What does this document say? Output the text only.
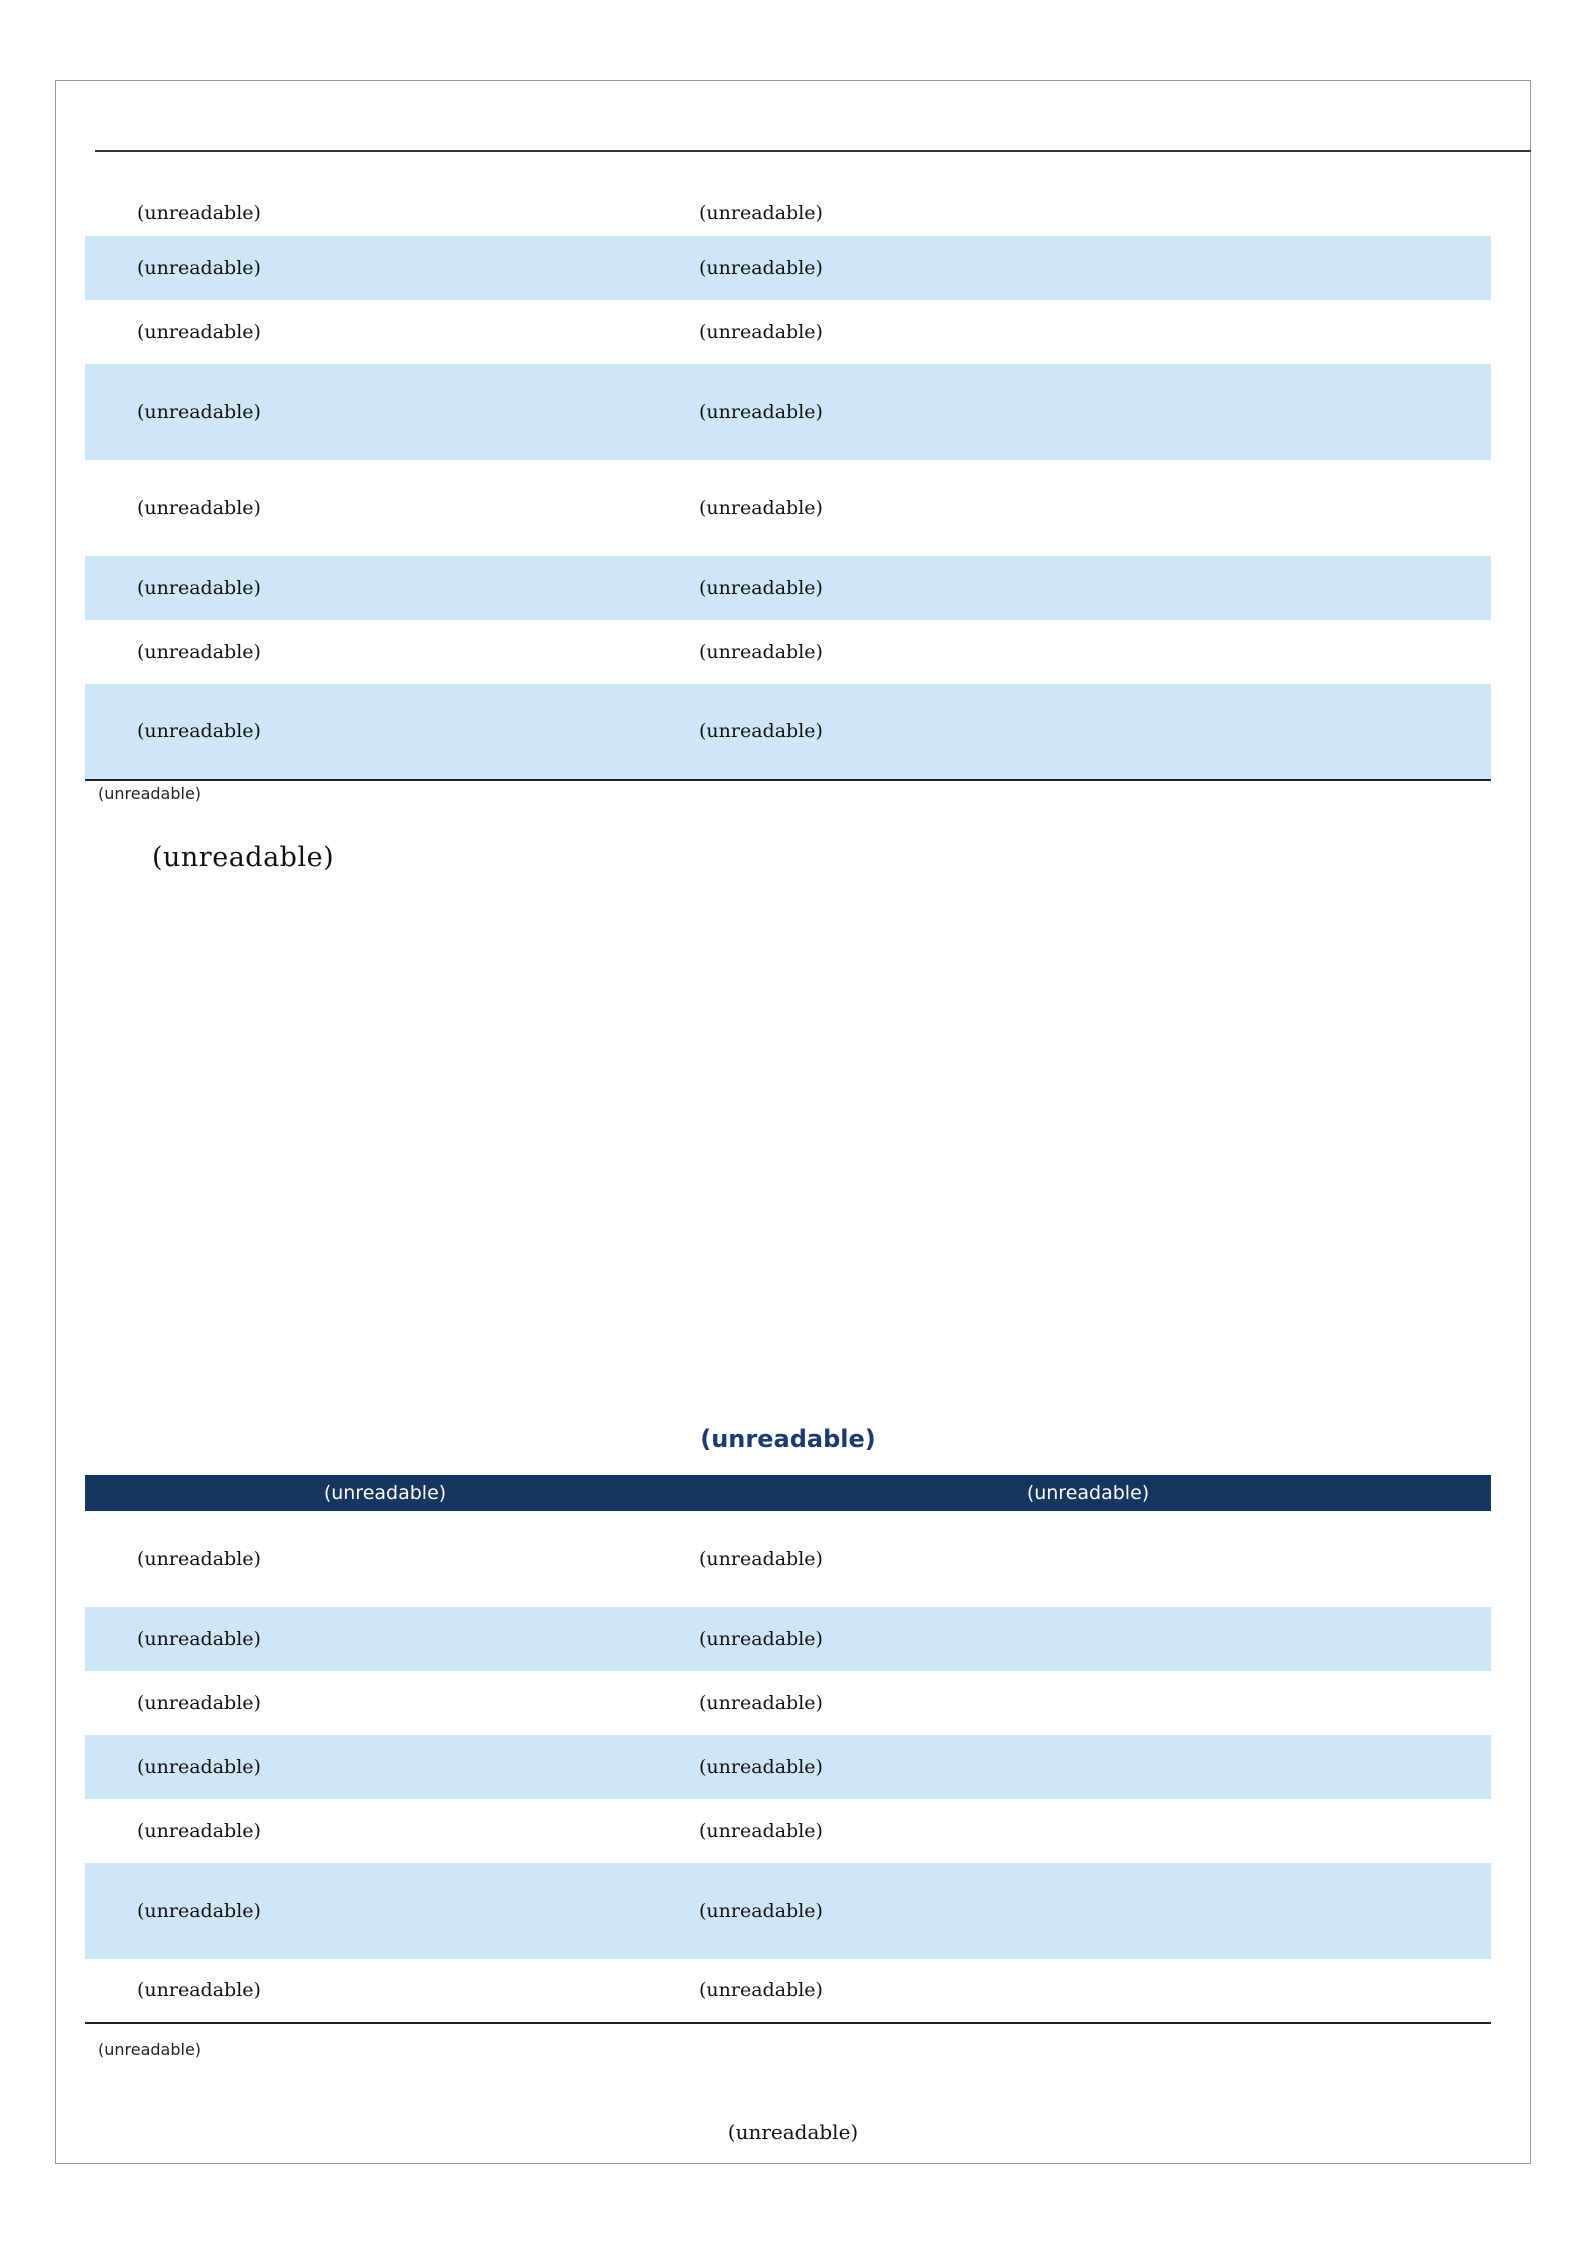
(unreadable)	(unreadable)
(unreadable)	(unreadable)
(unreadable)	(unreadable)
(unreadable)	(unreadable)
(unreadable)	(unreadable)
(unreadable)	(unreadable)
(unreadable)	(unreadable)
(unreadable)	(unreadable)
(unreadable)

(unreadable)

(unreadable)
(unreadable)	(unreadable)
(unreadable)	(unreadable)
(unreadable)	(unreadable)
(unreadable)	(unreadable)
(unreadable)	(unreadable)
(unreadable)	(unreadable)
(unreadable)	(unreadable)
(unreadable)	(unreadable)
(unreadable)
(unreadable)
